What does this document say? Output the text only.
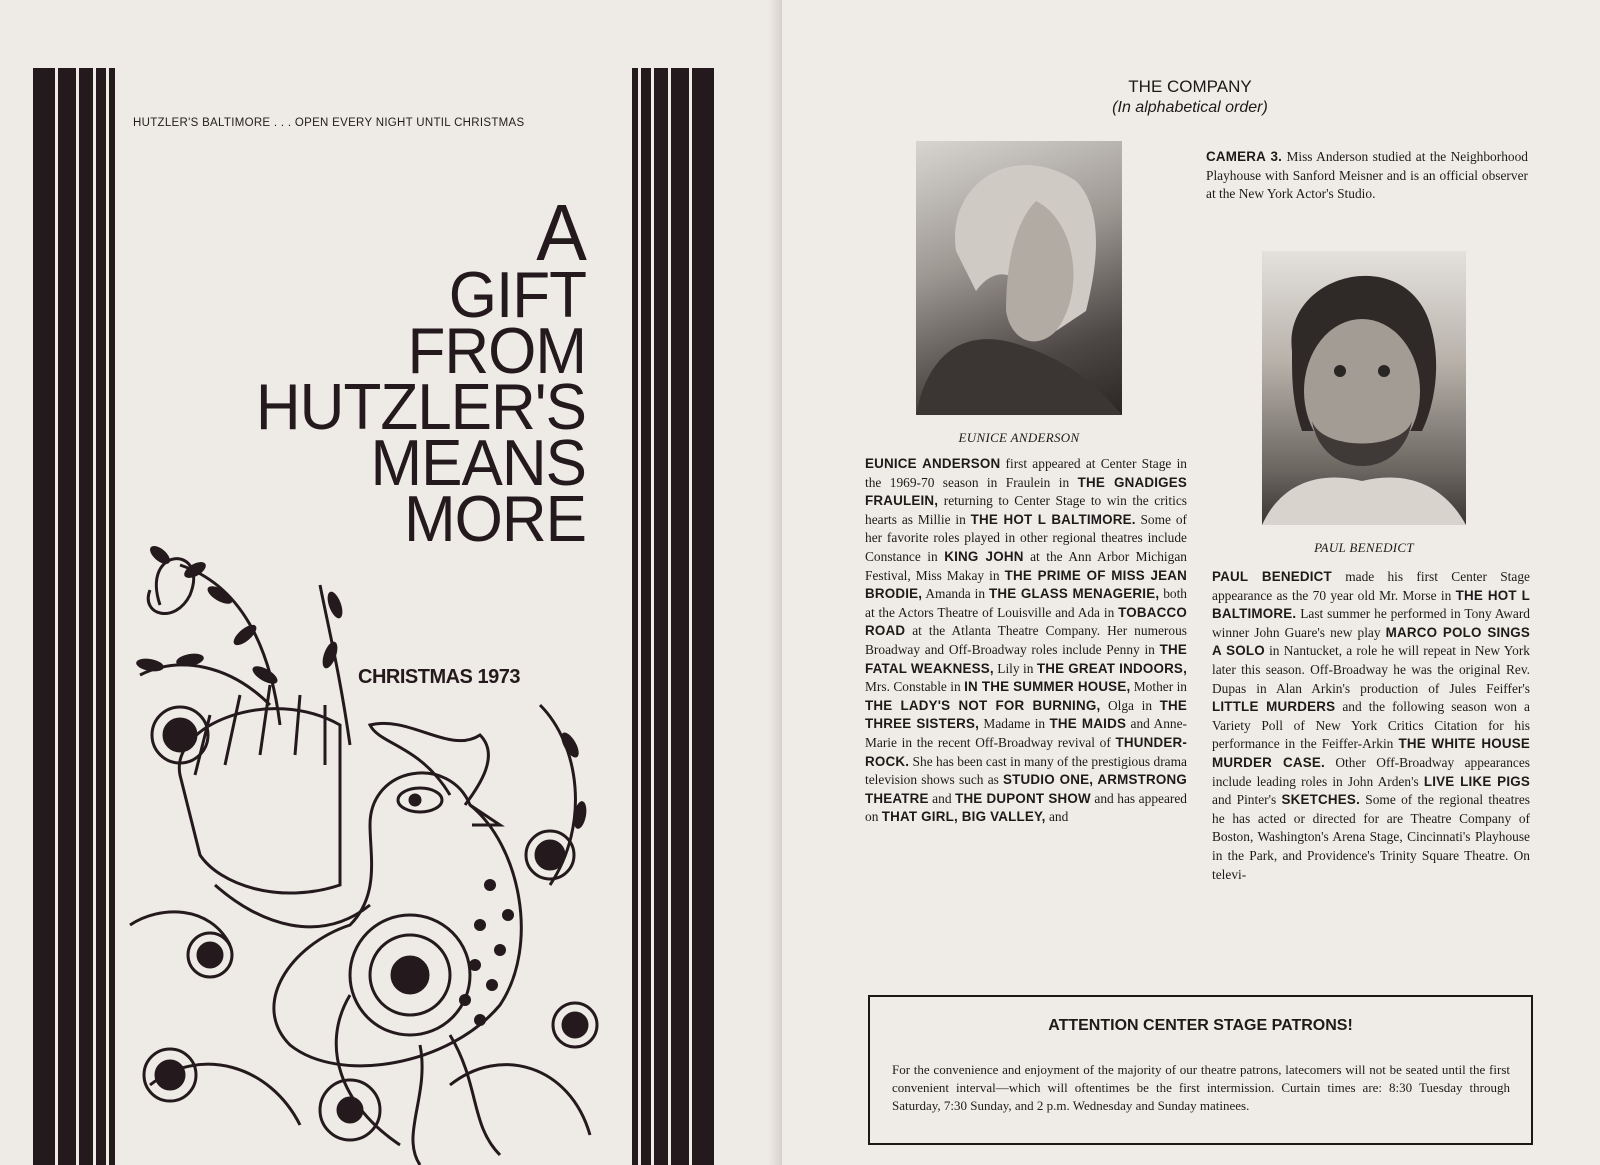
HUTZLER'S BALTIMORE . . . OPEN EVERY NIGHT UNTIL CHRISTMAS
A
GIFT
FROM
HUTZLER'S
MEANS
MORE
CHRISTMAS 1973
THE COMPANY
(In alphabetical order)
EUNICE ANDERSON
PAUL BENEDICT
CAMERA 3. Miss Anderson studied at the Neighborhood Playhouse with Sanford Meisner and is an official observer at the New York Actor's Studio.
EUNICE ANDERSON first appeared at Center Stage in the 1969-70 season in Fraulein in THE GNADIGES FRAULEIN, returning to Center Stage to win the critics hearts as Millie in THE HOT L BALTIMORE. Some of her favorite roles played in other regional theatres include Constance in KING JOHN at the Ann Arbor Michigan Festival, Miss Makay in THE PRIME OF MISS JEAN BRODIE, Amanda in THE GLASS MENAGERIE, both at the Actors Theatre of Louisville and Ada in TOBACCO ROAD at the Atlanta Theatre Company. Her numerous Broadway and Off-Broadway roles include Penny in THE FATAL WEAKNESS, Lily in THE GREAT INDOORS, Mrs. Constable in IN THE SUMMER HOUSE, Mother in THE LADY'S NOT FOR BURNING, Olga in THE THREE SISTERS, Madame in THE MAIDS and Anne-Marie in the recent Off-Broadway revival of THUNDER-ROCK. She has been cast in many of the prestigious drama television shows such as STUDIO ONE, ARMSTRONG THEATRE and THE DUPONT SHOW and has appeared on THAT GIRL, BIG VALLEY, and
PAUL BENEDICT made his first Center Stage appearance as the 70 year old Mr. Morse in THE HOT L BALTIMORE. Last summer he performed in Tony Award winner John Guare's new play MARCO POLO SINGS A SOLO in Nantucket, a role he will repeat in New York later this season. Off-Broadway he was the original Rev. Dupas in Alan Arkin's production of Jules Feiffer's LITTLE MURDERS and the following season won a Variety Poll of New York Critics Citation for his performance in the Feiffer-Arkin THE WHITE HOUSE MURDER CASE. Other Off-Broadway appearances include leading roles in John Arden's LIVE LIKE PIGS and Pinter's SKETCHES. Some of the regional theatres he has acted or directed for are Theatre Company of Boston, Washington's Arena Stage, Cincinnati's Playhouse in the Park, and Providence's Trinity Square Theatre. On televi-
ATTENTION CENTER STAGE PATRONS!

For the convenience and enjoyment of the majority of our theatre patrons, latecomers will not be seated until the first convenient interval—which will oftentimes be the first intermission. Curtain times are: 8:30 Tuesday through Saturday, 7:30 Sunday, and 2 p.m. Wednesday and Sunday matinees.
